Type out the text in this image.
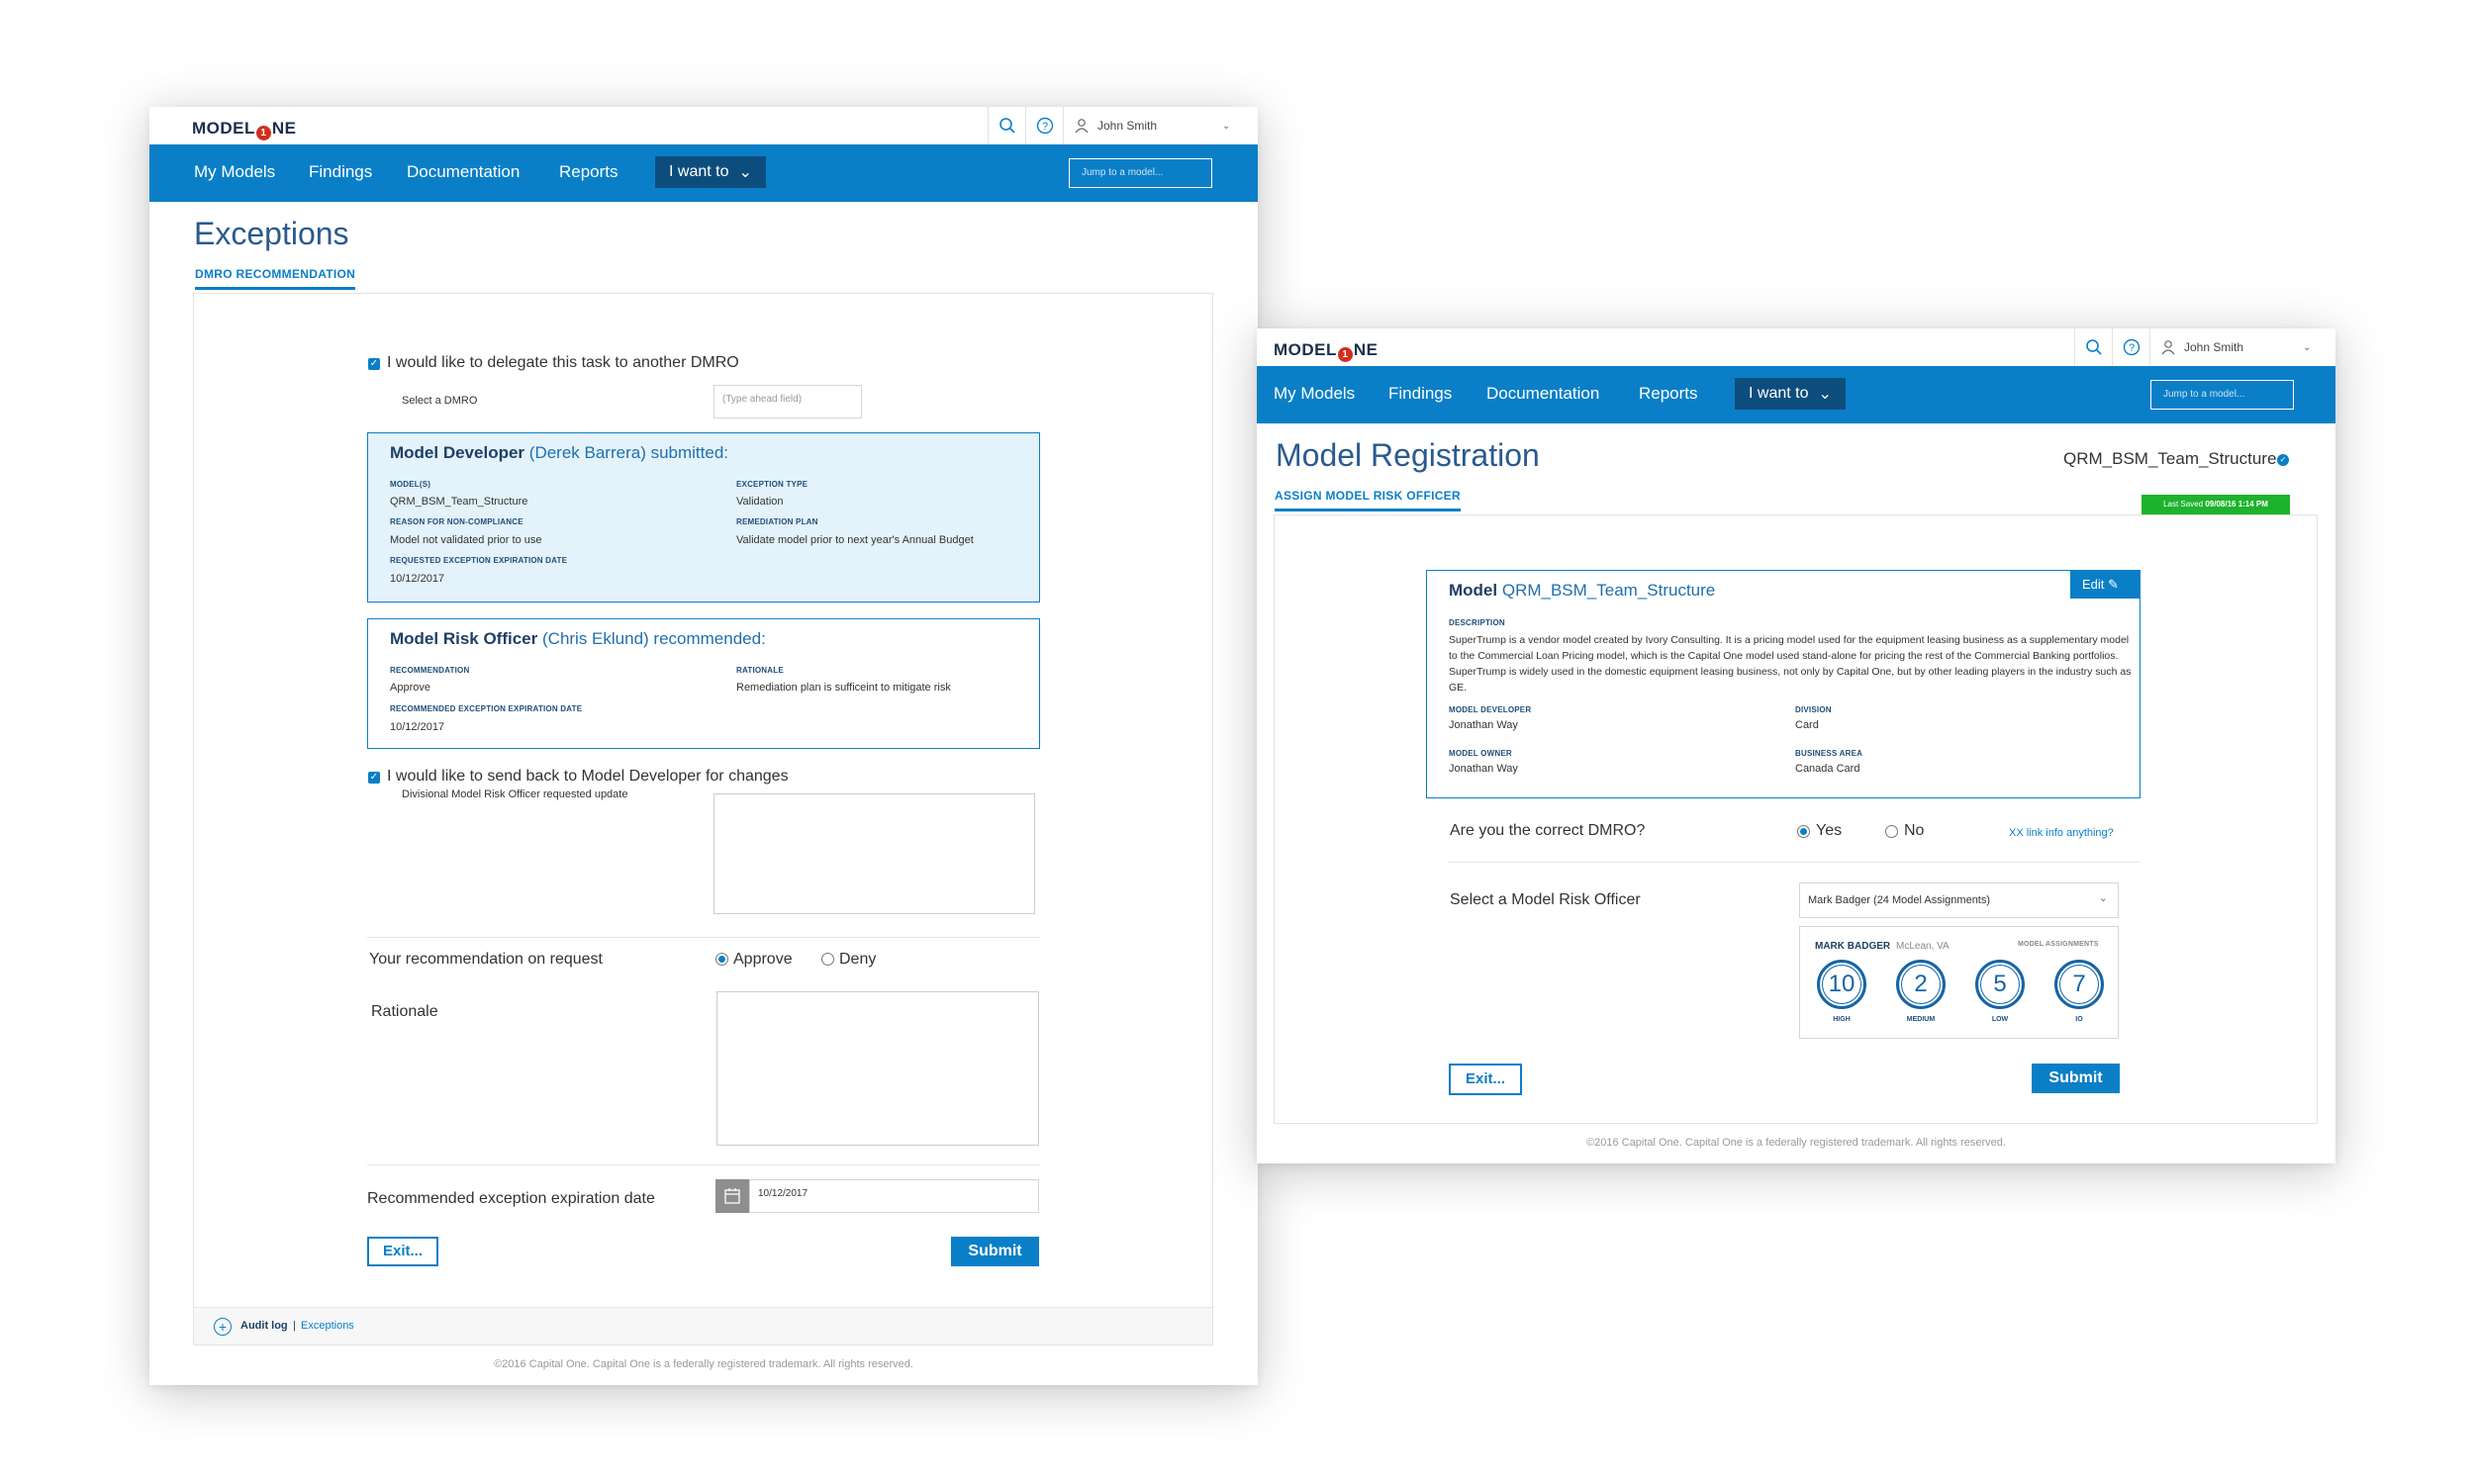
MODEL 1 NE	?	John Smith	⌄
My Models Findings Documentation Reports	I want to ⌄	Jump to a model...
Exceptions
DMRO RECOMMENDATION
✓ I would like to delegate this task to another DMRO
Select a DMRO	(Type ahead field)
Model Developer (Derek Barrera) submitted:
MODEL(S)
QRM_BSM_Team_Structure
EXCEPTION TYPE
Validation
REASON FOR NON-COMPLIANCE
Model not validated prior to use
REMEDIATION PLAN
Validate model prior to next year's Annual Budget
REQUESTED EXCEPTION EXPIRATION DATE
10/12/2017
Model Risk Officer (Chris Eklund) recommended:
RECOMMENDATION
Approve
RATIONALE
Remediation plan is sufficeint to mitigate risk
RECOMMENDED EXCEPTION EXPIRATION DATE
10/12/2017
✓ I would like to send back to Model Developer for changes
Divisional Model Risk Officer requested update
Your recommendation on request	Approve	Deny
Rationale
Recommended exception expiration date	10/12/2017
Exit...	Submit
+	Audit log | Exceptions
©2016 Capital One. Capital One is a federally registered trademark. All rights reserved.
MODEL 1 NE	?	John Smith	⌄
My Models Findings Documentation Reports	I want to ⌄	Jump to a model...
Model Registration
ASSIGN MODEL RISK OFFICER
QRM_BSM_Team_Structure ✓
Last Saved 09/08/16 1:14 PM
Model QRM_BSM_Team_Structure	Edit ✎
DESCRIPTION
SuperTrump is a vendor model created by Ivory Consulting. It is a pricing model used for the equipment leasing business as a supplementary model to the Commercial Loan Pricing model, which is the Capital One model used stand-alone for pricing the rest of the Commercial Banking portfolios. SuperTrump is widely used in the domestic equipment leasing business, not only by Capital One, but by other leading players in the industry such as GE.
MODEL DEVELOPER
Jonathan Way
DIVISION
Card
MODEL OWNER
Jonathan Way
BUSINESS AREA
Canada Card
Are you the correct DMRO?	Yes	No	XX link info anything?
Select a Model Risk Officer	Mark Badger (24 Model Assignments)	⌄
MARK BADGER McLean, VA	MODEL ASSIGNMENTS
10
HIGH
2
MEDIUM
5
LOW
7
IO
Exit...	Submit
©2016 Capital One. Capital One is a federally registered trademark. All rights reserved.
